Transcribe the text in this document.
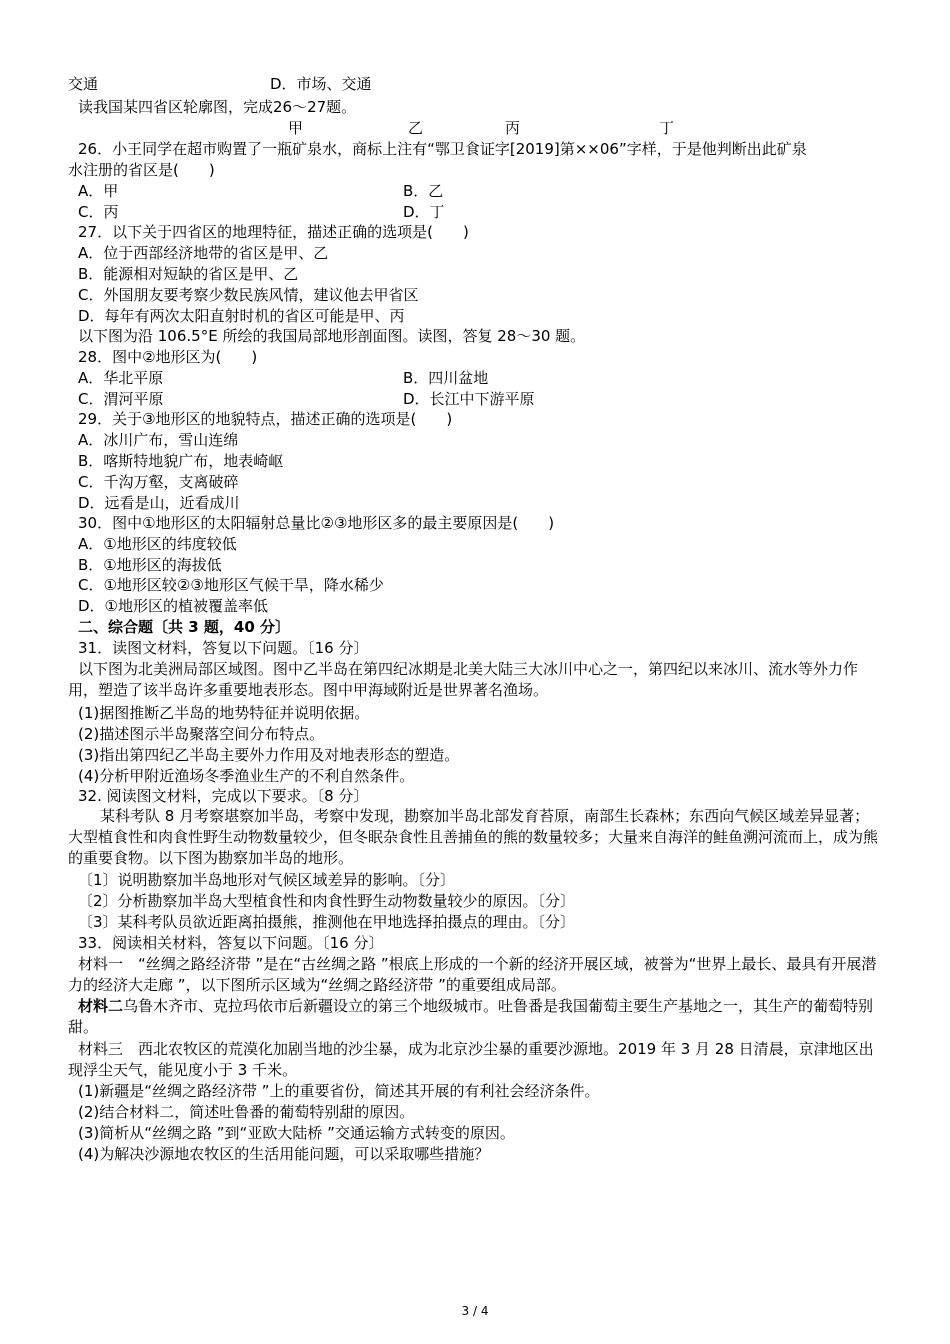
交通	D．市场、交通
读我国某四省区轮廓图，完成26～27题。
甲	乙	丙	丁
26．小王同学在超市购置了一瓶矿泉水，商标上注有“鄂卫食证字[2019]第××06”字样，于是他判断出此矿泉
水注册的省区是(　　)
A．甲	B．乙
C．丙	D．丁
27．以下关于四省区的地理特征，描述正确的选项是(　　)
A．位于西部经济地带的省区是甲、乙
B．能源相对短缺的省区是甲、乙
C．外国朋友要考察少数民族风情，建议他去甲省区
D．每年有两次太阳直射时机的省区可能是甲、丙
以下图为沿 106.5°E 所绘的我国局部地形剖面图。读图，答复 28～30 题。
28．图中②地形区为(　　)
A．华北平原	B．四川盆地
C．渭河平原	D．长江中下游平原
29．关于③地形区的地貌特点，描述正确的选项是(　　)
A．冰川广布，雪山连绵
B．喀斯特地貌广布，地表崎岖
C．千沟万壑，支离破碎
D．远看是山，近看成川
30．图中①地形区的太阳辐射总量比②③地形区多的最主要原因是(　　)
A．①地形区的纬度较低
B．①地形区的海拔低
C．①地形区较②③地形区气候干旱，降水稀少
D．①地形区的植被覆盖率低
二、综合题〔共 3 题，40 分〕
31．读图文材料，答复以下问题。〔16 分〕
以下图为北美洲局部区域图。图中乙半岛在第四纪冰期是北美大陆三大冰川中心之一，第四纪以来冰川、流水等外力作用，塑造了该半岛许多重要地表形态。图中甲海域附近是世界著名渔场。
(1)据图推断乙半岛的地势特征并说明依据。
(2)描述图示半岛聚落空间分布特点。
(3)指出第四纪乙半岛主要外力作用及对地表形态的塑造。
(4)分析甲附近渔场冬季渔业生产的不利自然条件。
32. 阅读图文材料，完成以下要求。〔8 分〕
某科考队 8 月考察堪察加半岛，考察中发现，勘察加半岛北部发育苔原，南部生长森林；东西向气候区域差异显著；大型植食性和肉食性野生动物数量较少，但冬眠杂食性且善捕鱼的熊的数量较多；大量来自海洋的鲑鱼溯河流而上，成为熊的重要食物。以下图为勘察加半岛的地形。
〔1〕说明勘察加半岛地形对气候区域差异的影响。〔分〕
〔2〕分析勘察加半岛大型植食性和肉食性野生动物数量较少的原因。〔分〕
〔3〕某科考队员欲近距离拍摄熊，推测他在甲地选择拍摄点的理由。〔分〕
33．阅读相关材料，答复以下问题。〔16 分〕
材料一　“丝绸之路经济带 ”是在“古丝绸之路 ”根底上形成的一个新的经济开展区域，被誉为“世界上最长、最具有开展潜力的经济大走廊 ”，以下图所示区域为“丝绸之路经济带 ”的重要组成局部。
材料二乌鲁木齐市、克拉玛依市后新疆设立的第三个地级城市。吐鲁番是我国葡萄主要生产基地之一，其生产的葡萄特别甜。
材料三　西北农牧区的荒漠化加剧当地的沙尘暴，成为北京沙尘暴的重要沙源地。2019 年 3 月 28 日清晨，京津地区出现浮尘天气，能见度小于 3 千米。
(1)新疆是“丝绸之路经济带 ”上的重要省份，简述其开展的有利社会经济条件。
(2)结合材料二，简述吐鲁番的葡萄特别甜的原因。
(3)简析从“丝绸之路 ”到“亚欧大陆桥 ”交通运输方式转变的原因。
(4)为解决沙源地农牧区的生活用能问题，可以采取哪些措施？
3 / 4
